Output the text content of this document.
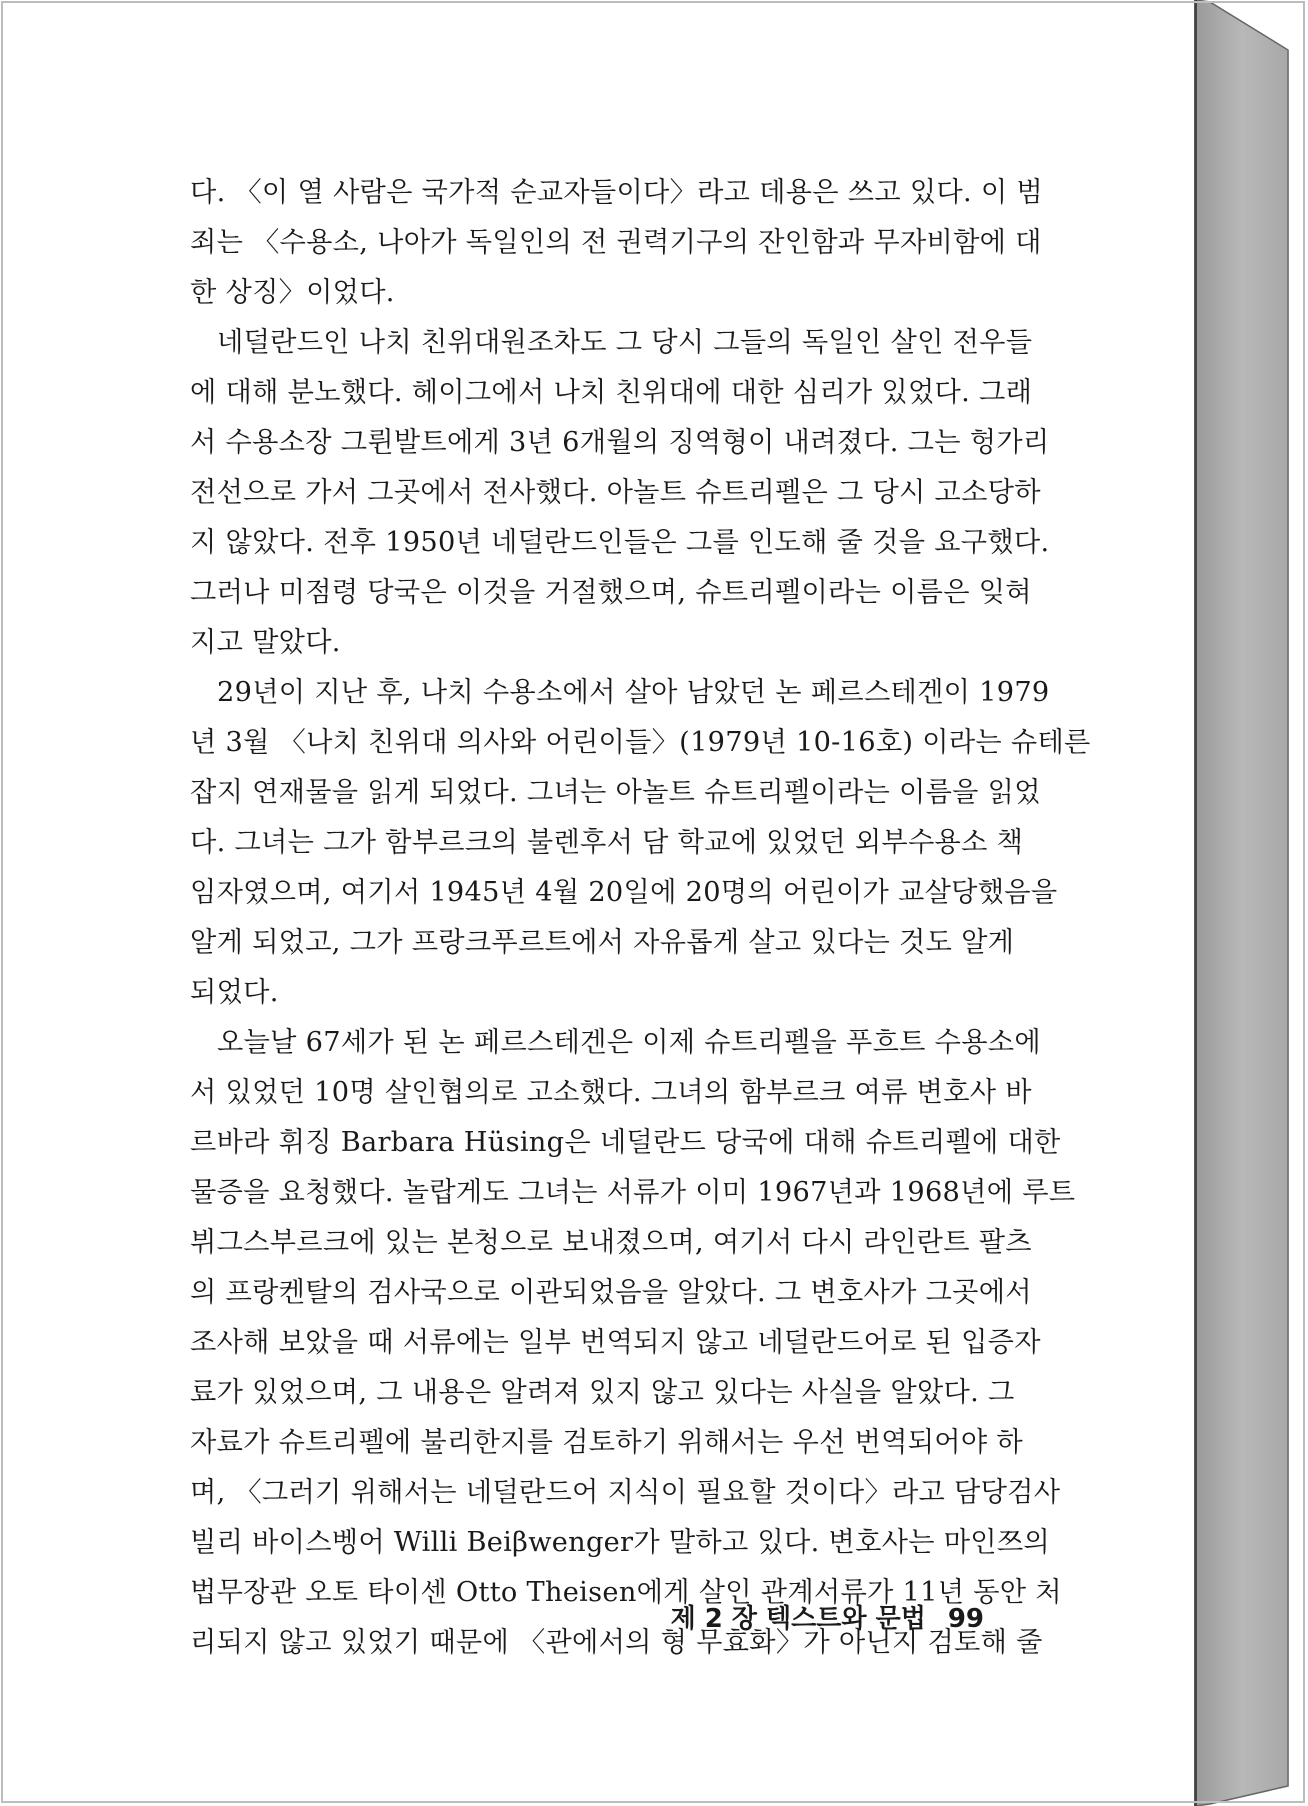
다. 〈이 열 사람은 국가적 순교자들이다〉라고 데용은 쓰고 있다. 이 범
죄는 〈수용소, 나아가 독일인의 전 권력기구의 잔인함과 무자비함에 대
한 상징〉이었다.
네덜란드인 나치 친위대원조차도 그 당시 그들의 독일인 살인 전우들
에 대해 분노했다. 헤이그에서 나치 친위대에 대한 심리가 있었다. 그래
서 수용소장 그륀발트에게 3년 6개월의 징역형이 내려졌다. 그는 헝가리
전선으로 가서 그곳에서 전사했다. 아놀트 슈트리펠은 그 당시 고소당하
지 않았다. 전후 1950년 네덜란드인들은 그를 인도해 줄 것을 요구했다.
그러나 미점령 당국은 이것을 거절했으며, 슈트리펠이라는 이름은 잊혀
지고 말았다.
29년이 지난 후, 나치 수용소에서 살아 남았던 논 페르스테겐이 1979
년 3월 〈나치 친위대 의사와 어린이들〉(1979년 10-16호) 이라는 슈테른
잡지 연재물을 읽게 되었다. 그녀는 아놀트 슈트리펠이라는 이름을 읽었
다. 그녀는 그가 함부르크의 불렌후서 담 학교에 있었던 외부수용소 책
임자였으며, 여기서 1945년 4월 20일에 20명의 어린이가 교살당했음을
알게 되었고, 그가 프랑크푸르트에서 자유롭게 살고 있다는 것도 알게
되었다.
오늘날 67세가 된 논 페르스테겐은 이제 슈트리펠을 푸흐트 수용소에
서 있었던 10명 살인협의로 고소했다. 그녀의 함부르크 여류 변호사 바
르바라 휘징 Barbara Hüsing은 네덜란드 당국에 대해 슈트리펠에 대한
물증을 요청했다. 놀랍게도 그녀는 서류가 이미 1967년과 1968년에 루트
뷔그스부르크에 있는 본청으로 보내졌으며, 여기서 다시 라인란트 팔츠
의 프랑켄탈의 검사국으로 이관되었음을 알았다. 그 변호사가 그곳에서
조사해 보았을 때 서류에는 일부 번역되지 않고 네덜란드어로 된 입증자
료가 있었으며, 그 내용은 알려져 있지 않고 있다는 사실을 알았다. 그
자료가 슈트리펠에 불리한지를 검토하기 위해서는 우선 번역되어야 하
며, 〈그러기 위해서는 네덜란드어 지식이 필요할 것이다〉라고 담당검사
빌리 바이스벵어 Willi Beiβwenger가 말하고 있다. 변호사는 마인쯔의
법무장관 오토 타이센 Otto Theisen에게 살인 관계서류가 11년 동안 처
리되지 않고 있었기 때문에 〈관에서의 형 무효화〉가 아닌지 검토해 줄
제 2 장 텍스트와 문법 99
